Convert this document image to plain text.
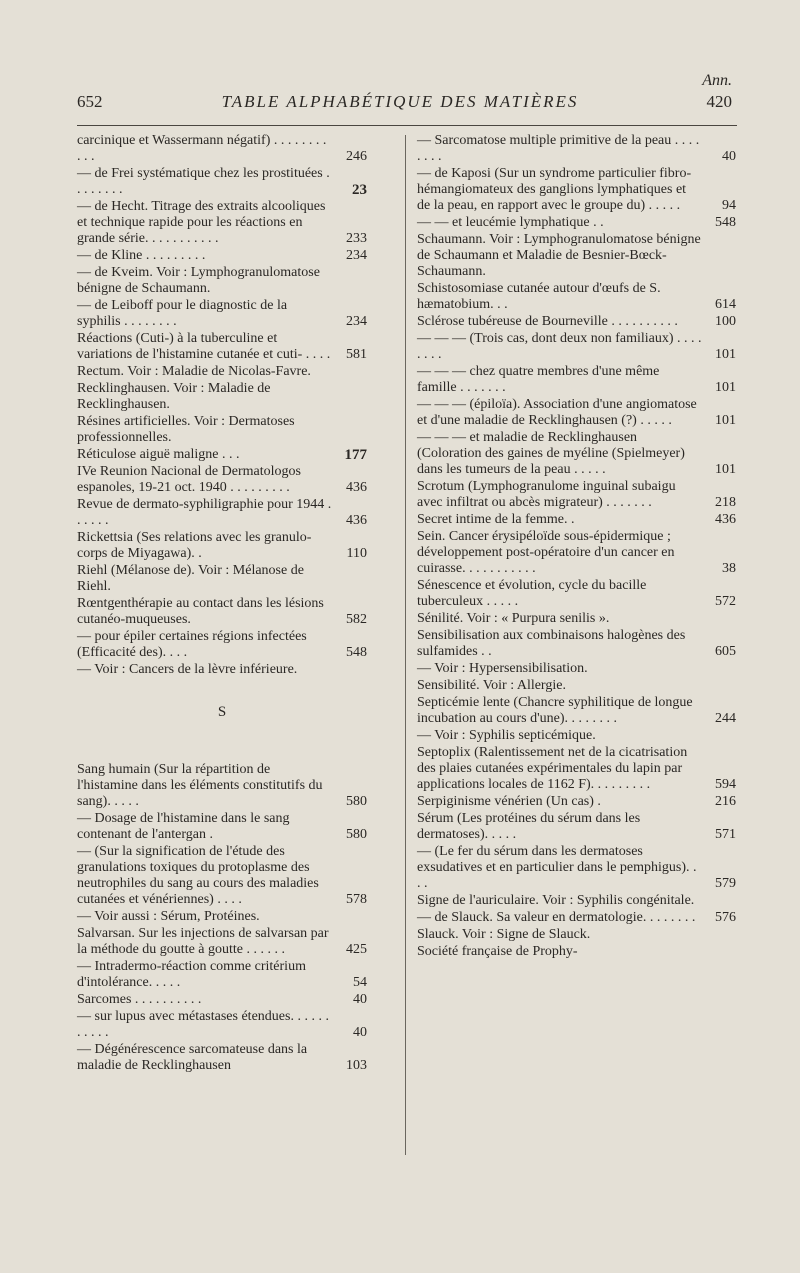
652	TABLE ALPHABÉTIQUE DES MATIÈRES
Ann.
420
carcinique et Wassermann négatif) . . . . . . . . . . .	246
— de Frei systématique chez les prostituées . . . . . . . .	23
— de Hecht. Titrage des extraits alcooliques et technique rapide pour les réactions en grande série. . . . . . . . . . .	233
— de Kline . . . . . . . . .	234
— de Kveim. Voir : Lymphogranulomatose bénigne de Schaumann.
— de Leiboff pour le diagnostic de la syphilis . . . . . . . .	234
Réactions (Cuti-) à la tuberculine et variations de l'histamine cutanée et cuti- . . . . 581
Rectum. Voir : Maladie de Nicolas-Favre.
Recklinghausen. Voir : Maladie de Recklinghausen.
Résines artificielles. Voir : Dermatoses professionnelles.
Réticulose aiguë maligne . . .	177
IVe Reunion Nacional de Dermatologos espanoles, 19-21 oct. 1940 . . . . . . . . .	436
Revue de dermato-syphiligraphie pour 1944 . . . . . .	436
Rickettsia (Ses relations avec les granulo-corps de Miyagawa). .	110
Riehl (Mélanose de). Voir : Mélanose de Riehl.
Rœntgenthérapie au contact dans les lésions cutanéo-muqueuses.	582
— pour épiler certaines régions infectées (Efficacité des). . . .	548
— Voir : Cancers de la lèvre inférieure.
S
Sang humain (Sur la répartition de l'histamine dans les éléments constitutifs du sang). . . . .	580
— Dosage de l'histamine dans le sang contenant de l'antergan .	580
— (Sur la signification de l'étude des granulations toxiques du protoplasme des neutrophiles du sang au cours des maladies cutanées et vénériennes) . . . .	578
— Voir aussi : Sérum, Protéines.
Salvarsan. Sur les injections de salvarsan par la méthode du goutte à goutte . . . . . .	425
— Intradermo-réaction comme critérium d'intolérance. . . . .	54
Sarcomes . . . . . . . . . .	40
— sur lupus avec métastases étendues. . . . . . . . . . .	40
— Dégénérescence sarcomateuse dans la maladie de Recklinghausen	103
— Sarcomatose multiple primitive de la peau . . . . . . . .	40
— de Kaposi (Sur un syndrome particulier fibro-hémangiomateux des ganglions lymphatiques et de la peau, en rapport avec le groupe du) . . . . .	94
— — et leucémie lymphatique . .	548
Schaumann. Voir : Lymphogranulomatose bénigne de Schaumann et Maladie de Besnier-Bœck-Schaumann.
Schistosomiase cutanée autour d'œufs de S. hæmatobium. . .	614
Sclérose tubéreuse de Bourneville . . . . . . . . . .	100
— — — (Trois cas, dont deux non familiaux) . . . . . . . .	101
— — — chez quatre membres d'une même famille . . . . . . .	101
— — — (épiloïa). Association d'une angiomatose et d'une maladie de Recklinghausen (?) . . . . .	101
— — — et maladie de Recklinghausen (Coloration des gaines de myéline (Spielmeyer) dans les tumeurs de la peau . . . . .	101
Scrotum (Lymphogranulome inguinal subaigu avec infiltrat ou abcès migrateur) . . . . . . .	218
Secret intime de la femme. .	436
Sein. Cancer érysipéloïde sous-épidermique ; développement post-opératoire d'un cancer en cuirasse. . . . . . . . . . .	38
Sénescence et évolution, cycle du bacille tuberculeux . . . . .	572
Sénilité. Voir : « Purpura senilis ».
Sensibilisation aux combinaisons halogènes des sulfamides . .	605
— Voir : Hypersensibilisation.
Sensibilité. Voir : Allergie.
Septicémie lente (Chancre syphilitique de longue incubation au cours d'une). . . . . . . .	244
— Voir : Syphilis septicémique.
Septoplix (Ralentissement net de la cicatrisation des plaies cutanées expérimentales du lapin par applications locales de 1162 F). . . . . . . . .	594
Serpiginisme vénérien (Un cas) .	216
Sérum (Les protéines du sérum dans les dermatoses). . . . .	571
— (Le fer du sérum dans les dermatoses exsudatives et en particulier dans le pemphigus). . . .	579
Signe de l'auriculaire. Voir : Syphilis congénitale.
— de Slauck. Sa valeur en dermatologie. . . . . . . .	576
Slauck. Voir : Signe de Slauck.
Société française de Prophy-
